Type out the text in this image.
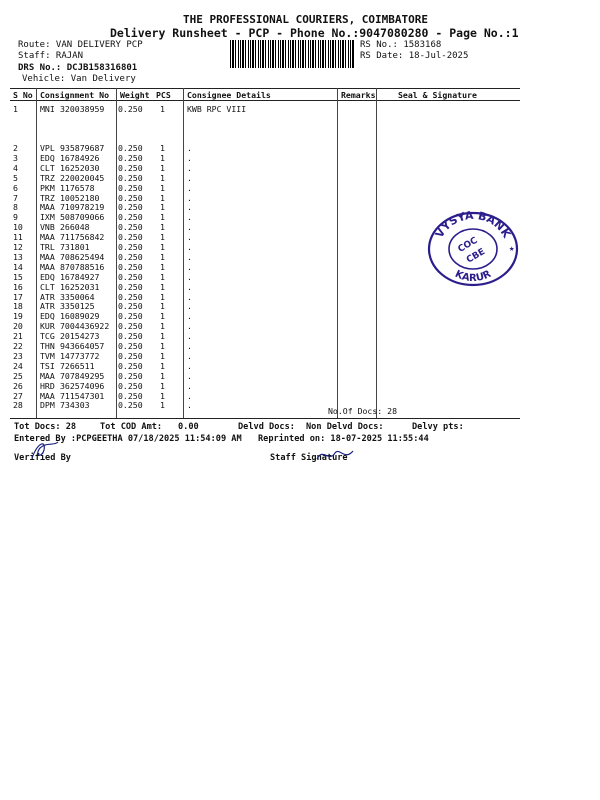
THE PROFESSIONAL COURIERS, COIMBATORE
Delivery Runsheet - PCP - Phone No.:9047080280 - Page No.:1
Route: VAN DELIVERY PCP
Staff: RAJAN
DRS No.: DCJB158316801
Vehicle: Van Delivery
RS No.: 1583168
RS Date: 18-Jul-2025
S No Consignment No Weight PCS Consignee Details	Remarks	Seal & Signature
1	MNI 320038959 0.250 1	KWB RPC VIII
2	VPL 935879687 0.250 1	.
3	EDQ 16784926 0.250 1	.
4	CLT 16252030 0.250 1	.
5	TRZ 220020045 0.250 1	.
6	PKM 1176578	0.250 1	.
7	TRZ 10052180 0.250 1	.
8	MAA 710978219 0.250 1	.
9	IXM 508709066 0.250 1	.
10 VNB 266048	0.250 1	.
11 MAA 711756842 0.250 1	.
12 TRL 731801	0.250 1	.
13 MAA 708625494 0.250 1	.
14 MAA 870788516 0.250 1	.
15 EDQ 16784927 0.250 1	.
16 CLT 16252031 0.250 1	.
17 ATR 3350064	0.250 1	.
18 ATR 3350125	0.250 1	.
19 EDQ 16089029 0.250 1	.
20 KUR 7004436922 0.250 1	.
21 TCG 20154273 0.250 1	.
22 THN 943664057 0.250 1	.
23 TVM 14773772 0.250 1	.
24 TSI 7266511	0.250 1	.
25 MAA 707849295 0.250 1	.
26 HRD 362574096 0.250 1	.
27 MAA 711547301 0.250 1	.
28 DPM 734303	0.250 1	.
No.Of Docs: 28
VYSYA BANK
KARUR
COC
CBE ★
Tot Docs: 28	Tot COD Amt: 0.00	Delvd Docs: Non Delvd Docs:	Delvy pts:
Entered By :PCPGEETHA 07/18/2025 11:54:09 AM Reprinted on: 18-07-2025 11:55:44
Verified By	Staff Signature
